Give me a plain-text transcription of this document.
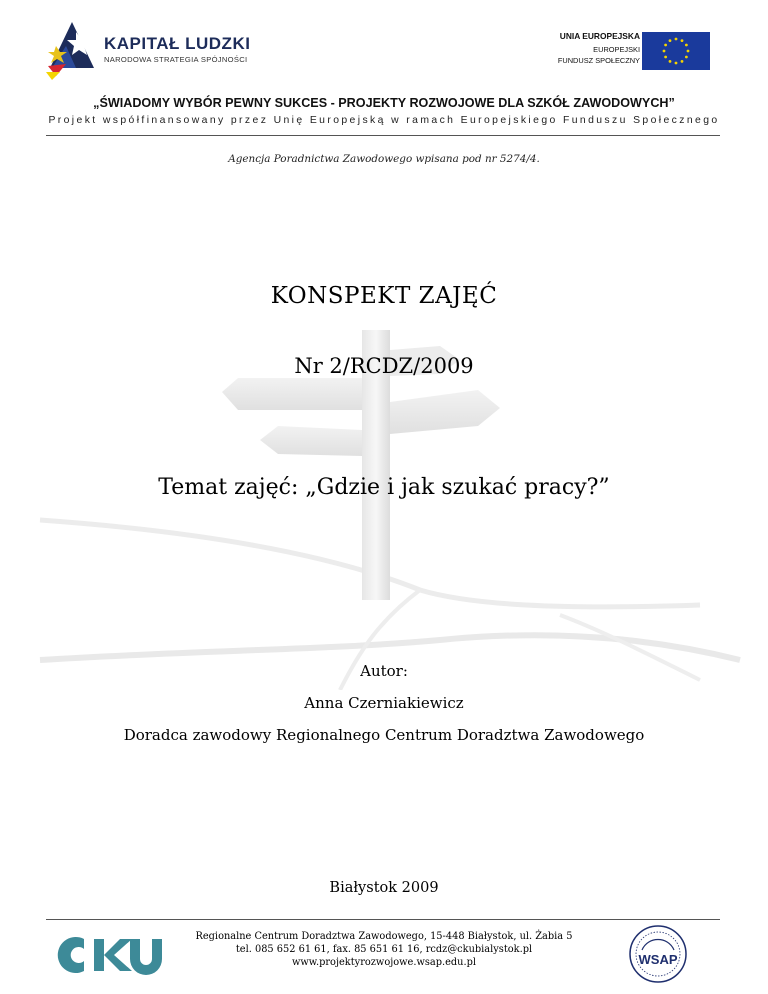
KAPITAŁ LUDZKI
NARODOWA STRATEGIA SPÓJNOŚCI
UNIA EUROPEJSKA
EUROPEJSKI
FUNDUSZ SPOŁECZNY
„ŚWIADOMY WYBÓR PEWNY SUKCES - PROJEKTY ROZWOJOWE DLA SZKÓŁ ZAWODOWYCH”
Projekt współfinansowany przez Unię Europejską w ramach Europejskiego Funduszu Społecznego
Agencja Poradnictwa Zawodowego wpisana pod nr 5274/4.
KONSPEKT ZAJĘĆ
Nr 2/RCDZ/2009
Temat zajęć: „Gdzie i jak szukać pracy?”
Autor:
Anna Czerniakiewicz
Doradca zawodowy Regionalnego Centrum Doradztwa Zawodowego
Białystok 2009
Regionalne Centrum Doradztwa Zawodowego, 15-448 Białystok, ul. Żabia 5
tel. 085 652 61 61, fax. 85 651 61 16, rcdz@ckubialystok.pl
www.projektyrozwojowe.wsap.edu.pl	WSAP
